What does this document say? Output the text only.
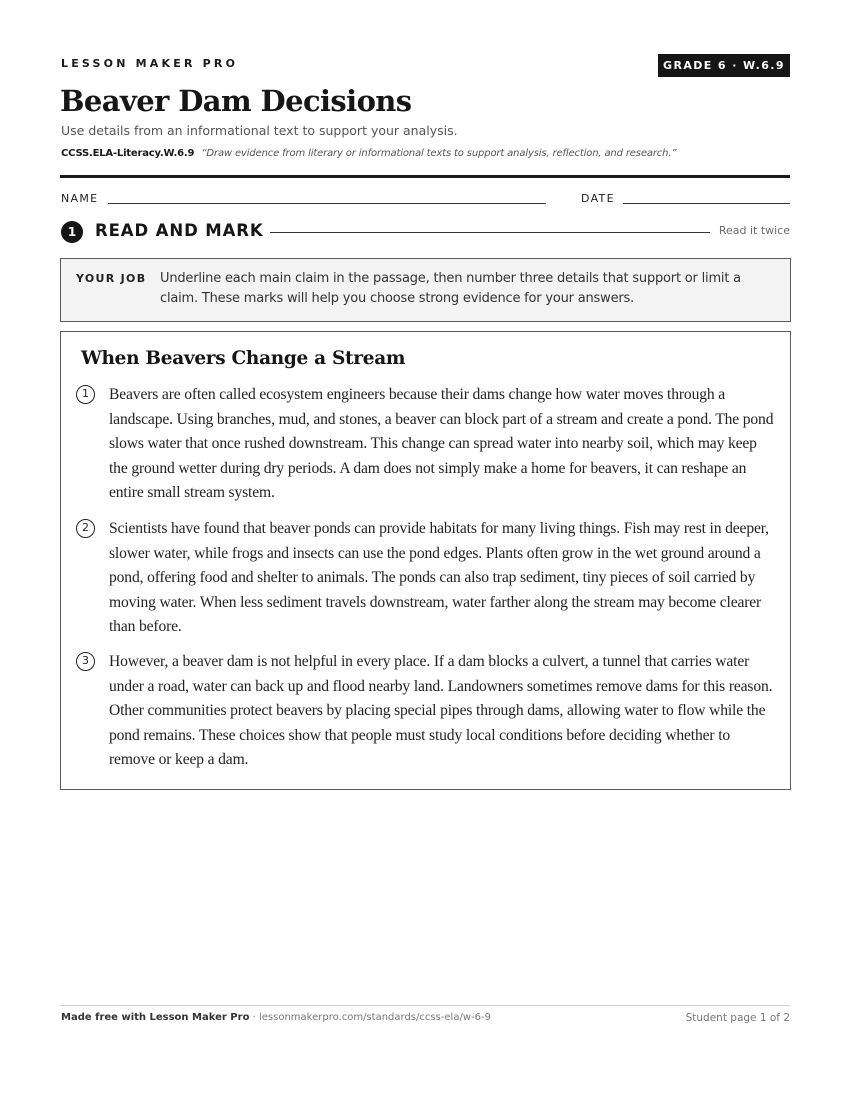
LESSON MAKER PRO	GRADE 6 · W.6.9
Beaver Dam Decisions
Use details from an informational text to support your analysis.
CCSS.ELA-Literacy.W.6.9 “Draw evidence from literary or informational texts to support analysis, reflection, and research.”
NAME	DATE
1	READ AND MARK	Read it twice
YOUR JOB Underline each main claim in the passage, then number three details that support or limit a claim. These marks will help you choose strong evidence for your answers.
When Beavers Change a Stream
1	Beavers are often called ecosystem engineers because their dams change how water moves through a landscape. Using branches, mud, and stones, a beaver can block part of a stream and create a pond. The pond slows water that once rushed downstream. This change can spread water into nearby soil, which may keep the ground wetter during dry periods. A dam does not simply make a home for beavers, it can reshape an entire small stream system.

2	Scientists have found that beaver ponds can provide habitats for many living things. Fish may rest in deeper, slower water, while frogs and insects can use the pond edges. Plants often grow in the wet ground around a pond, offering food and shelter to animals. The ponds can also trap sediment, tiny pieces of soil carried by moving water. When less sediment travels downstream, water farther along the stream may become clearer than before.

3	However, a beaver dam is not helpful in every place. If a dam blocks a culvert, a tunnel that carries water under a road, water can back up and flood nearby land. Landowners sometimes remove dams for this reason. Other communities protect beavers by placing special pipes through dams, allowing water to flow while the pond remains. These choices show that people must study local conditions before deciding whether to remove or keep a dam.

Made free with Lesson Maker Pro · lessonmakerpro.com/standards/ccss-ela/w-6-9	Student page 1 of 2
